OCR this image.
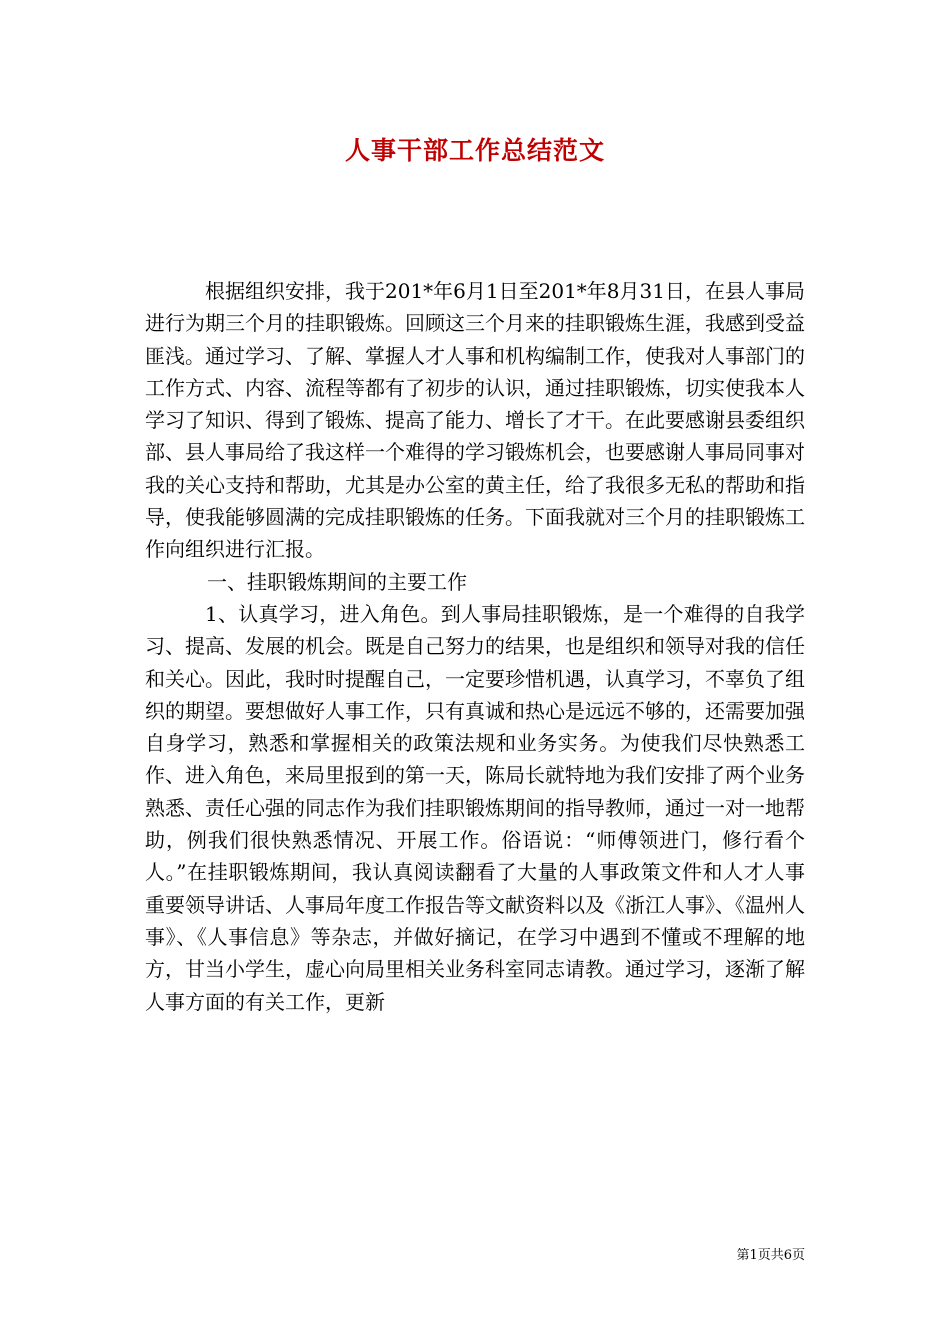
人事干部工作总结范文

根据组织安排，我于201*年6月1日至201*年8月31日，在县人事局进行为期三个月的挂职锻炼。回顾这三个月来的挂职锻炼生涯，我感到受益匪浅。通过学习、了解、掌握人才人事和机构编制工作，使我对人事部门的工作方式、内容、流程等都有了初步的认识，通过挂职锻炼，切实使我本人学习了知识、得到了锻炼、提高了能力、增长了才干。在此要感谢县委组织部、县人事局给了我这样一个难得的学习锻炼机会，也要感谢人事局同事对我的关心支持和帮助，尤其是办公室的黄主任，给了我很多无私的帮助和指导，使我能够圆满的完成挂职锻炼的任务。下面我就对三个月的挂职锻炼工作向组织进行汇报。

一、挂职锻炼期间的主要工作

1、认真学习，进入角色。到人事局挂职锻炼，是一个难得的自我学习、提高、发展的机会。既是自己努力的结果，也是组织和领导对我的信任和关心。因此，我时时提醒自己，一定要珍惜机遇，认真学习，不辜负了组织的期望。要想做好人事工作，只有真诚和热心是远远不够的，还需要加强自身学习，熟悉和掌握相关的政策法规和业务实务。为使我们尽快熟悉工作、进入角色，来局里报到的第一天，陈局长就特地为我们安排了两个业务熟悉、责任心强的同志作为我们挂职锻炼期间的指导教师，通过一对一地帮助，例我们很快熟悉情况、开展工作。俗语说：“师傅领进门，修行看个人。”在挂职锻炼期间，我认真阅读翻看了大量的人事政策文件和人才人事重要领导讲话、人事局年度工作报告等文献资料以及《浙江人事》、《温州人事》、《人事信息》等杂志，并做好摘记，在学习中遇到不懂或不理解的地方，甘当小学生，虚心向局里相关业务科室同志请教。通过学习，逐渐了解人事方面的有关工作，更新

第1页共6页
